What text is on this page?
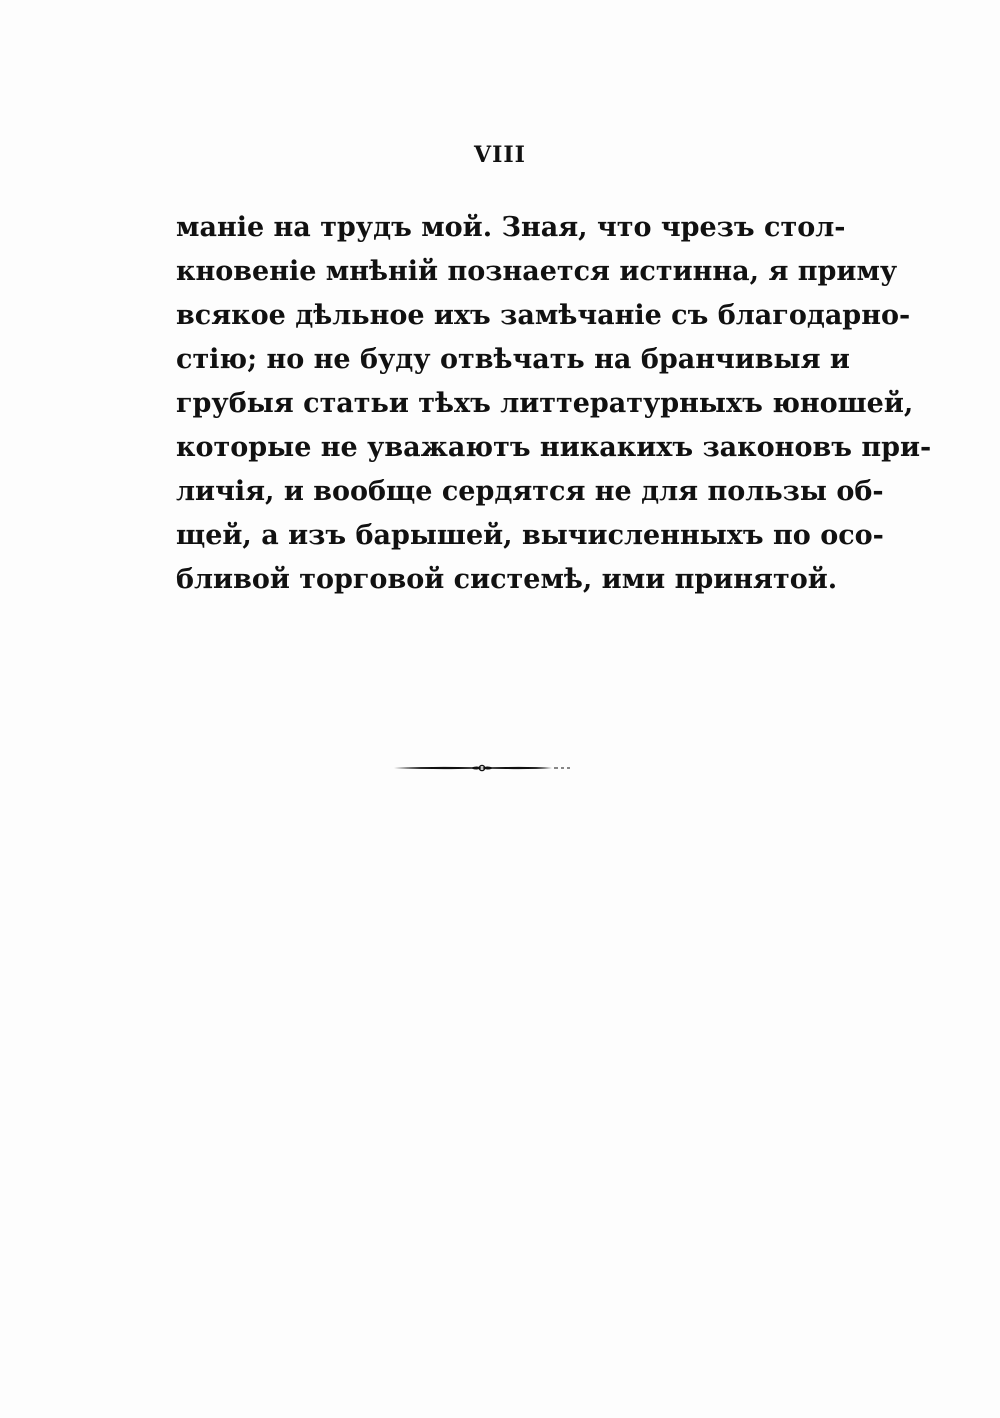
VIII
маніе на трудъ мой. Зная, что чрезъ стол-
кновеніе мнѣній познается истинна, я приму
всякое дѣльное ихъ замѣчаніе съ благодарно-
стію; но не буду отвѣчать на бранчивыя и
грубыя статьи тѣхъ литтературныхъ юношей,
которые не уважаютъ никакихъ законовъ при-
личія, и вообще сердятся не для пользы об-
щей, а изъ барышей, вычисленныхъ по осо-
бливой торговой системѣ, ими принятой.
